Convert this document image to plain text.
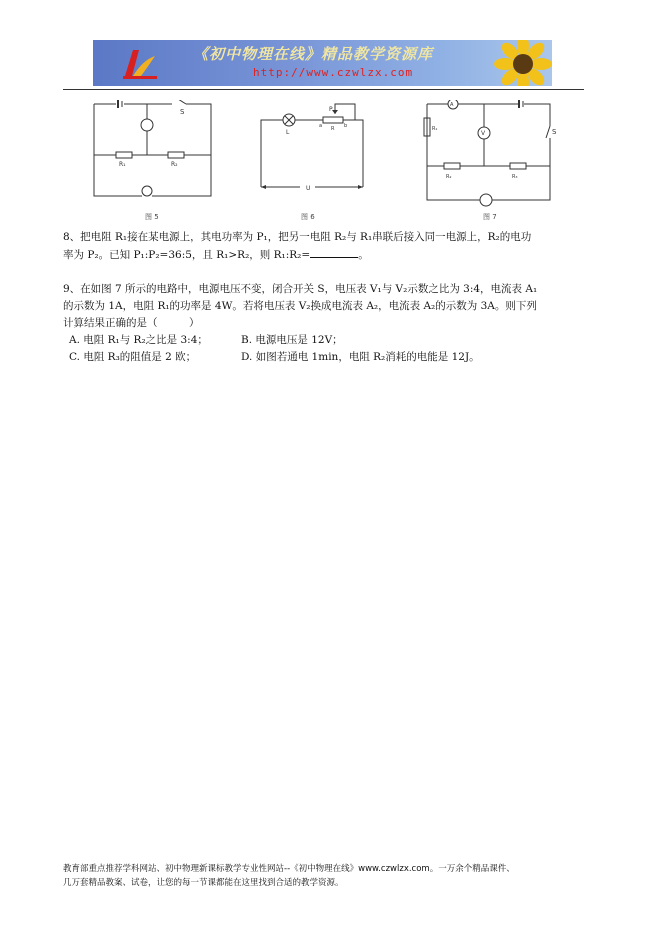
《初中物理在线》精品教学资源库
http://www.czwlzx.com
S
R₁	R₂
图 5
L
P
a R b
U
图 6
A
V	S
R₁
R₂	R₃
图 7

8、把电阻 R₁接在某电源上，其电功率为 P₁，把另一电阻 R₂与 R₁串联后接入同一电源上，R₂的电功

率为 P₂。已知 P₁:P₂=36:5，且 R₁>R₂，则 R₁:R₂=	。

9、在如图 7 所示的电路中，电源电压不变，闭合开关 S，电压表 V₁与 V₂示数之比为 3:4，电流表 A₁

的示数为 1A，电阻 R₁的功率是 4W。若将电压表 V₂换成电流表 A₂，电流表 A₂的示数为 3A。则下列

计算结果正确的是（　　　）

A. 电阻 R₁与 R₂之比是 3:4；	B. 电源电压是 12V；

C. 电阻 R₃的阻值是 2 欧；	D. 如图若通电 1min，电阻 R₂消耗的电能是 12J。

教育部重点推荐学科网站、初中物理新课标教学专业性网站--《初中物理在线》www.czwlzx.com。一万余个精品课件、

几万套精品教案、试卷，让您的每一节课都能在这里找到合适的教学资源。
